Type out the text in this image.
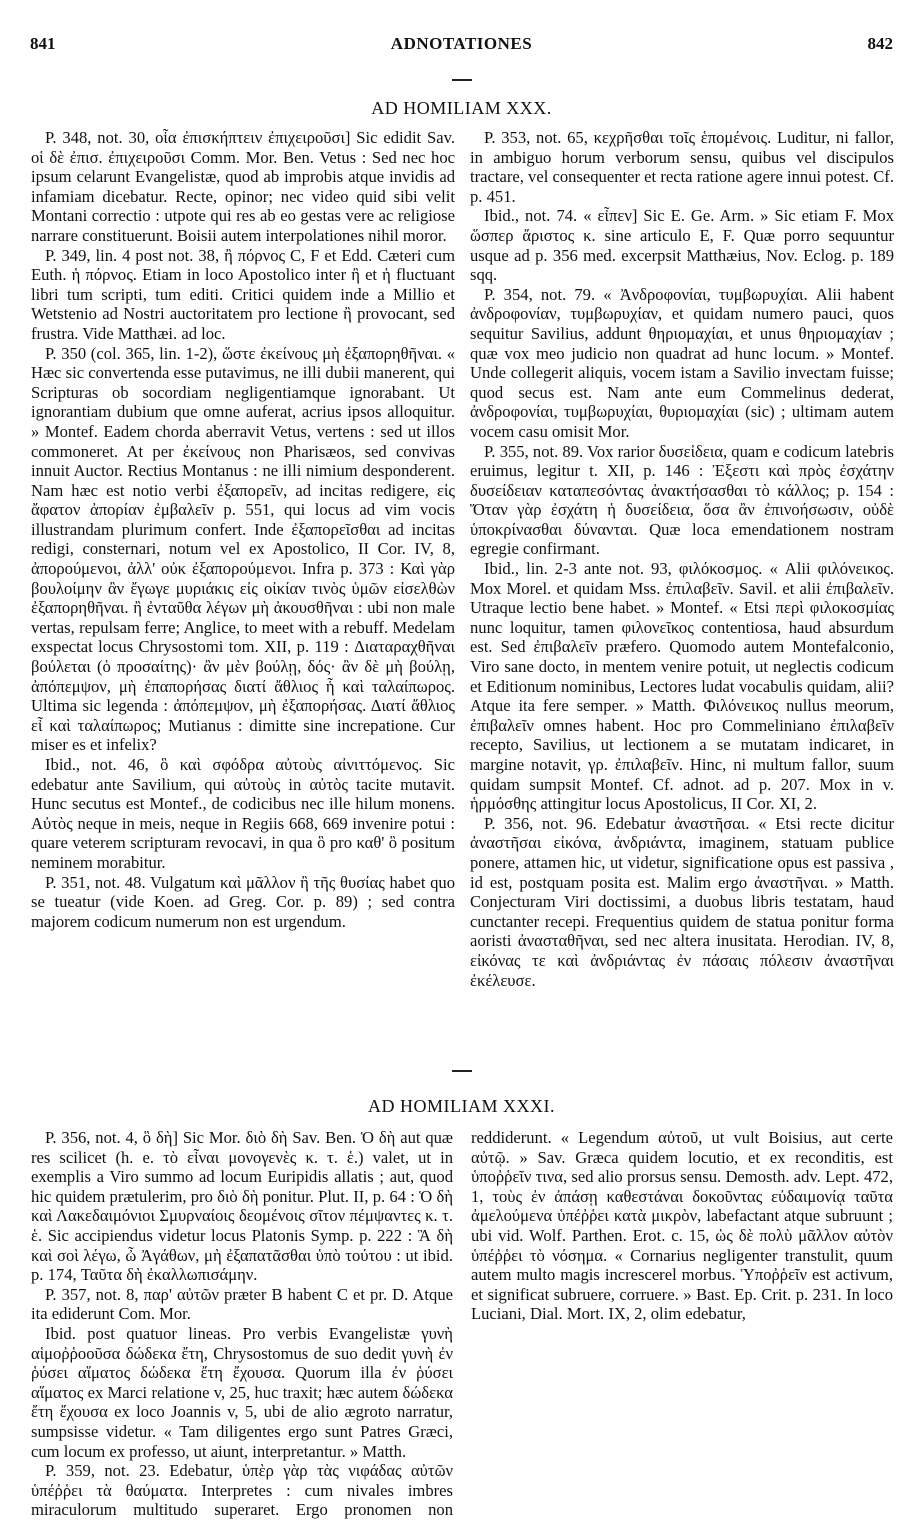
841	ADNOTATIONES	842
AD HOMILIAM XXX.

P. 348, not. 30, οἷα ἐπισκήπτειν ἐπιχειροῦσι] Sic edidit Sav. οἱ δὲ ἐπισ. ἐπιχειροῦσι Comm. Mor. Ben. Vetus : Sed nec hoc ipsum celarunt Evangelistæ, quod ab improbis atque invidis ad infamiam dicebatur. Recte, opinor; nec video quid sibi velit Montani correctio : utpote qui res ab eo gestas vere ac religiose narrare constituerunt. Boisii autem interpolationes nihil moror.

P. 349, lin. 4 post not. 38, ἢ πόρνος C, F et Edd. Cæteri cum Euth. ἡ πόρνος. Etiam in loco Apostolico inter ἢ et ἡ fluctuant libri tum scripti, tum editi. Critici quidem inde a Millio et Wetstenio ad Nostri auctoritatem pro lectione ἢ provocant, sed frustra. Vide Matthæi. ad loc.

P. 350 (col. 365, lin. 1-2), ὥστε ἐκείνους μὴ ἐξαπορηθῆναι. « Hæc sic convertenda esse putavimus, ne illi dubii manerent, qui Scripturas ob socordiam negligentiamque ignorabant. Ut ignorantiam dubium que omne auferat, acrius ipsos alloquitur. » Montef. Eadem chorda aberravit Vetus, vertens : sed ut illos commoneret. At per ἐκείνους non Pharisæos, sed convivas innuit Auctor. Rectius Montanus : ne illi nimium desponderent. Nam hæc est notio verbi ἐξαπορεῖν, ad incitas redigere, εἰς ἄφατον ἀπορίαν ἐμβαλεῖν p. 551, qui locus ad vim vocis illustrandam plurimum confert. Inde ἐξαπορεῖσθαι ad incitas redigi, consternari, notum vel ex Apostolico, II Cor. IV, 8, ἀπορούμενοι, ἀλλ' οὐκ ἐξαπορούμενοι. Infra p. 373 : Καὶ γὰρ βουλοίμην ἂν ἔγωγε μυριάκις εἰς οἰκίαν τινὸς ὑμῶν εἰσελθὼν ἐξαπορηθῆναι. ἢ ἐνταῦθα λέγων μὴ ἀκουσθῆναι : ubi non male vertas, repulsam ferre; Anglice, to meet with a rebuff. Medelam exspectat locus Chrysostomi tom. XII, p. 119 : Διαταραχθῆναι βούλεται (ὁ προσαίτης)· ἂν μὲν βούλῃ, δός· ἂν δὲ μὴ βούλῃ, ἀπόπεμψον, μὴ ἐπαπορήσας διατί ἄθλιος ἧ καὶ ταλαίπωρος. Ultima sic legenda : ἀπόπεμψον, μὴ ἐξαπορήσας. Διατί ἄθλιος εἶ καὶ ταλαίπωρος; Mutianus : dimitte sine increpatione. Cur miser es et infelix?

Ibid., not. 46, ὃ καὶ σφόδρα αὐτοὺς αἰνιττόμενος. Sic edebatur ante Savilium, qui αὐτοὺς in αὐτὸς tacite mutavit. Hunc secutus est Montef., de codicibus nec ille hilum monens. Αὐτὸς neque in meis, neque in Regiis 668, 669 invenire potui : quare veterem scripturam revocavi, in qua ὃ pro καθ' ὃ positum neminem morabitur.

P. 351, not. 48. Vulgatum καὶ μᾶλλον ἢ τῆς θυσίας habet quo se tueatur (vide Koen. ad Greg. Cor. p. 89) ; sed contra majorem codicum numerum non est urgendum.

P. 353, not. 65, κεχρῆσθαι τοῖς ἑπομένοις. Luditur, ni fallor, in ambiguo horum verborum sensu, quibus vel discipulos tractare, vel consequenter et recta ratione agere innui potest. Cf. p. 451.

Ibid., not. 74. « εἶπεν] Sic E. Ge. Arm. » Sic etiam F. Mox ὥσπερ ἄριστος κ. sine articulo E, F. Quæ porro sequuntur usque ad p. 356 med. excerpsit Matthæius, Nov. Eclog. p. 189 sqq.

P. 354, not. 79. « Ἀνδροφονίαι, τυμβωρυχίαι. Alii habent ἀνδροφονίαν, τυμβωρυχίαν, et quidam numero pauci, quos sequitur Savilius, addunt θηριομαχίαι, et unus θηριομαχίαν ; quæ vox meo judicio non quadrat ad hunc locum. » Montef. Unde collegerit aliquis, vocem istam a Savilio invectam fuisse; quod secus est. Nam ante eum Commelinus dederat, ἀνδροφονίαι, τυμβωρυχίαι, θυριομαχίαι (sic) ; ultimam autem vocem casu omisit Mor.

P. 355, not. 89. Vox rarior δυσεἰδεια, quam e codicum latebris eruimus, legitur t. XII, p. 146 : Ἐξεστι καὶ πρὸς ἐσχάτην δυσείδειαν καταπεσόντας ἀνακτήσασθαι τὸ κάλλος; p. 154 : Ὅταν γὰρ ἐσχάτη ἡ δυσείδεια, ὅσα ἂν ἐπινοήσωσιν, οὐδὲ ὑποκρίνασθαι δύνανται. Quæ loca emendationem nostram egregie confirmant.

Ibid., lin. 2-3 ante not. 93, φιλόκοσμος. « Alii φιλόνεικος. Mox Morel. et quidam Mss. ἐπιλαβεῖν. Savil. et alii ἐπιβαλεῖν. Utraque lectio bene habet. » Montef. « Etsi περὶ φιλοκοσμίας nunc loquitur, tamen φιλονεῖκος contentiosa, haud absurdum est. Sed ἐπιβαλεῖν præfero. Quomodo autem Montefalconio, Viro sane docto, in mentem venire potuit, ut neglectis codicum et Editionum nominibus, Lectores ludat vocabulis quidam, alii? Atque ita fere semper. » Matth. Φιλόνεικος nullus meorum, ἐπιβαλεῖν omnes habent. Hoc pro Commeliniano ἐπιλαβεῖν recepto, Savilius, ut lectionem a se mutatam indicaret, in margine notavit, γρ. ἐπιλαβεῖν. Hinc, ni multum fallor, suum quidam sumpsit Montef. Cf. adnot. ad p. 207. Mox in v. ἡρμόσθης attingitur locus Apostolicus, II Cor. XI, 2.

P. 356, not. 96. Edebatur ἀναστῆσαι. « Etsi recte dicitur ἀναστῆσαι εἰκόνα, ἀνδριάντα, imaginem, statuam publice ponere, attamen hic, ut videtur, significatione opus est passiva , id est, postquam posita est. Malim ergo ἀναστῆναι. » Matth. Conjecturam Viri doctissimi, a duobus libris testatam, haud cunctanter recepi. Frequentius quidem de statua ponitur forma aoristi ἀνασταθῆναι, sed nec altera inusitata. Herodian. IV, 8, εἰκόνας τε καὶ ἀνδριάντας ἐν πάσαις πόλεσιν ἀναστῆναι ἐκέλευσε.

AD HOMILIAM XXXI.

P. 356, not. 4, ὃ δὴ] Sic Mor. διὸ δὴ Sav. Ben. Ὁ δὴ aut quæ res scilicet (h. e. τὸ εἶναι μονογενὲς κ. τ. ἑ.) valet, ut in exemplis a Viro summo ad locum Euripidis allatis ; aut, quod hic quidem prætulerim, pro διὸ δὴ ponitur. Plut. II, p. 64 : Ὁ δὴ καὶ Λακεδαιμόνιοι Σμυρναίοις δεομένοις σῖτον πέμψαντες κ. τ. ἑ. Sic accipiendus videtur locus Platonis Symp. p. 222 : Ἃ δὴ καὶ σοὶ λέγω, ὦ Ἀγάθων, μὴ ἐξαπατᾶσθαι ὑπὸ τούτου : ut ibid. p. 174, Ταῦτα δὴ ἐκαλλωπισάμην.

P. 357, not. 8, παρ' αὐτῶν præter B habent C et pr. D. Atque ita ediderunt Com. Mor.

Ibid. post quatuor lineas. Pro verbis Evangelistæ γυνὴ αἱμοῤῥοοῦσα δώδεκα ἔτη, Chrysostomus de suo dedit γυνὴ ἐν ῥύσει αἵματος δώδεκα ἔτη ἔχουσα. Quorum illa ἐν ῥύσει αἵματος ex Marci relatione v, 25, huc traxit; hæc autem δώδεκα ἔτη ἔχουσα ex loco Joannis v, 5, ubi de alio ægroto narratur, sumpsisse videtur. « Tam diligentes ergo sunt Patres Græci, cum locum ex professo, ut aiunt, interpretantur. » Matth.

P. 359, not. 23. Edebatur, ὑπὲρ γὰρ τὰς νιφάδας αὐτῶν ὑπέῤῥει τὰ θαύματα. Interpretes : cum nivales imbres miraculorum multitudo superaret. Ergo pronomen non reddiderunt. « Legendum αὐτοῦ, ut vult Boisius, aut certe αὐτῷ. » Sav. Græca quidem locutio, et ex reconditis, est ὑποῤῥεῖν τινα, sed alio prorsus sensu. Demosth. adv. Lept. 472, 1, τοὺς ἐν ἀπάσῃ καθεστάναι δοκοῦντας εὐδαιμονίᾳ ταῦτα ἀμελούμενα ὑπέῤῥει κατὰ μικρὸν, labefactant atque subruunt ; ubi vid. Wolf. Parthen. Erot. c. 15, ὡς δὲ πολὺ μᾶλλον αὐτὸν ὑπέῤῥει τὸ νόσημα. « Cornarius negligenter transtulit, quum autem multo magis increscerel morbus. Ὑποῤῥεῖν est activum, et significat subruere, corruere. » Bast. Ep. Crit. p. 231. In loco Luciani, Dial. Mort. IX, 2, olim edebatur,
